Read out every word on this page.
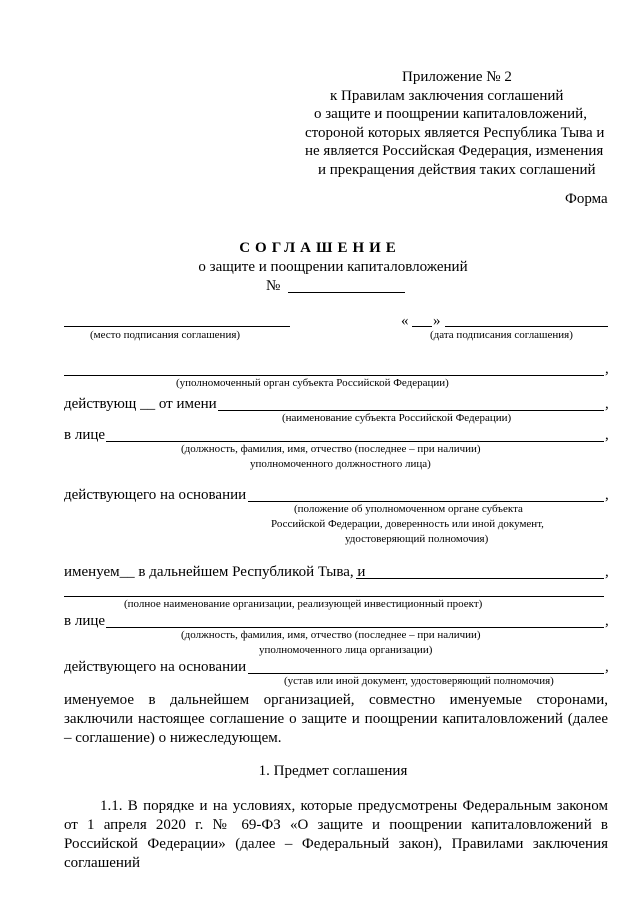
Приложение № 2
к Правилам заключения соглашений
о защите и поощрении капиталовложений,
стороной которых является Республика Тыва и
не является Российская Федерация, изменения
и прекращения действия таких соглашений
Форма
СОГЛАШЕНИЕ
о защите и поощрении капиталовложений
№
(место подписания соглашения)
« »
(дата подписания соглашения)
,
(уполномоченный орган субъекта Российской Федерации)
действующ __ от имени	,
(наименование субъекта Российской Федерации)
в лице	,
(должность, фамилия, имя, отчество (последнее – при наличии)
уполномоченного должностного лица)
действующего на основании	,
(положение об уполномоченном органе субъекта
Российской Федерации, доверенность или иной документ,
удостоверяющий полномочия)
именуем__ в дальнейшем Республикой Тыва, и	,
(полное наименование организации, реализующей инвестиционный проект)
в лице	,
(должность, фамилия, имя, отчество (последнее – при наличии)
уполномоченного лица организации)
действующего на основании	,
(устав или иной документ, удостоверяющий полномочия)
именуемое в дальнейшем организацией, совместно именуемые сторонами, заключили настоящее соглашение о защите и поощрении капиталовложений (далее – соглашение) о нижеследующем.
1. Предмет соглашения
1.1. В порядке и на условиях, которые предусмотрены Федеральным законом от 1 апреля 2020 г. № 69-ФЗ «О защите и поощрении капиталовложений в Российской Федерации» (далее – Федеральный закон), Правилами заключения соглашений
